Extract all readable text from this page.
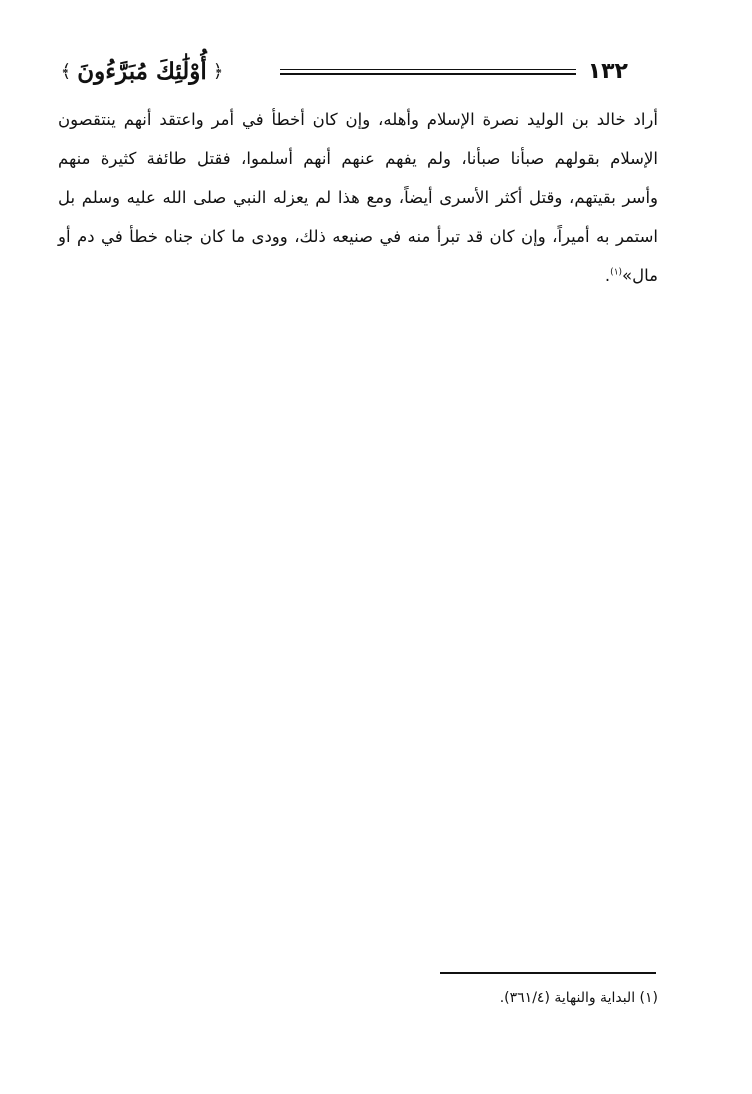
١٣٢
﴿
أُوْلَٰئِكَ مُبَرَّءُونَ
﴾
أراد خالد بن الوليد نصرة الإسلام وأهله، وإن كان أخطأ في أمر واعتقد أنهم ينتقصون
الإسلام بقولهم صبأنا صبأنا، ولم يفهم عنهم أنهم أسلموا، فقتل طائفة كثيرة منهم
وأسر بقيتهم، وقتل أكثر الأسرى أيضاً، ومع هذا لم يعزله النبي صلى الله عليه وسلم بل
استمر به أميراً، وإن كان قد تبرأ منه في صنيعه ذلك، وودى ما كان جناه خطأ في دم أو
مال»$^{(١)}$.
(١) البداية والنهاية (٣٦١/٤).
